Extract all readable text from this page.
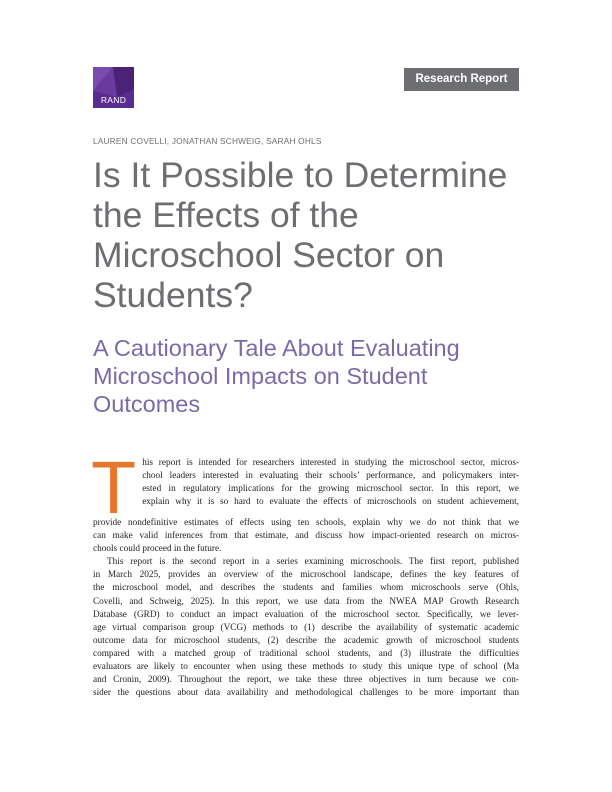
RAND
Research Report
LAUREN COVELLI, JONATHAN SCHWEIG, SARAH OHLS
Is It Possible to Determine the Effects of the Microschool Sector on Students?
A Cautionary Tale About Evaluating Microschool Impacts on Student Outcomes
T his report is intended for researchers interested in studying the microschool sector, micros-
chool leaders interested in evaluating their schools’ performance, and policymakers inter-
ested in regulatory implications for the growing microschool sector. In this report, we
explain why it is so hard to evaluate the effects of microschools on student achievement,
provide nondefinitive estimates of effects using ten schools, explain why we do not think that we
can make valid inferences from that estimate, and discuss how impact-oriented research on micros-
chools could proceed in the future.
This report is the second report in a series examining microschools. The first report, published
in March 2025, provides an overview of the microschool landscape, defines the key features of
the microschool model, and describes the students and families whom microschools serve (Ohls,
Covelli, and Schweig, 2025). In this report, we use data from the NWEA MAP Growth Research
Database (GRD) to conduct an impact evaluation of the microschool sector. Specifically, we lever-
age virtual comparison group (VCG) methods to (1) describe the availability of systematic academic
outcome data for microschool students, (2) describe the academic growth of microschool students
compared with a matched group of traditional school students, and (3) illustrate the difficulties
evaluators are likely to encounter when using these methods to study this unique type of school (Ma
and Cronin, 2009). Throughout the report, we take these three objectives in turn because we con-
sider the questions about data availability and methodological challenges to be more important than
